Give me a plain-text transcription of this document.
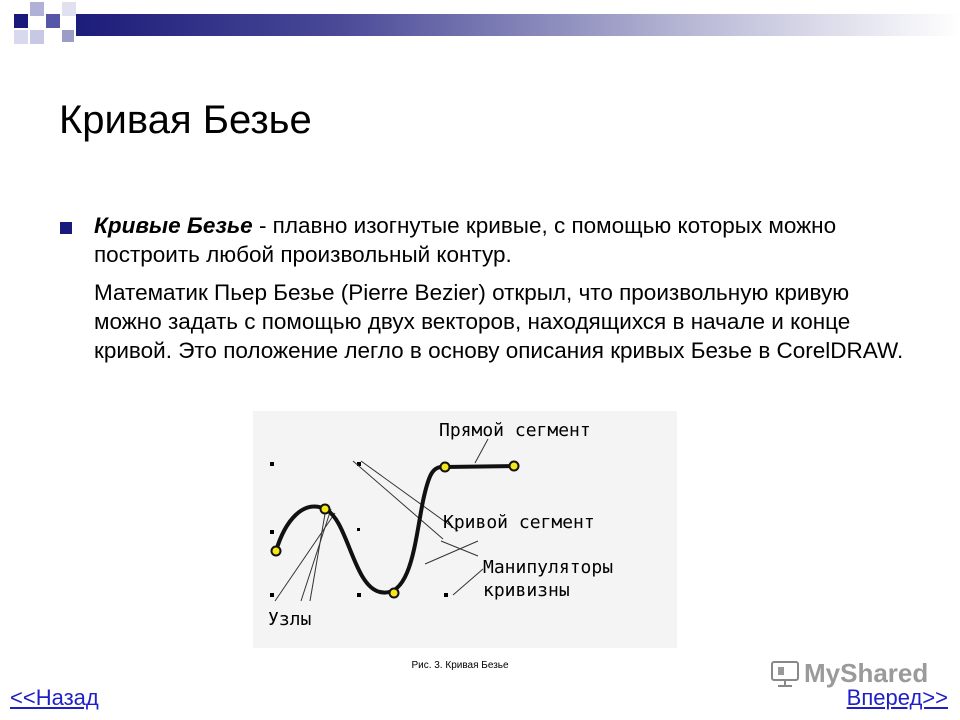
Кривая Безье
Кривые Безье - плавно изогнутые кривые, с помощью которых можно построить любой произвольный контур.
Математик Пьер Безье (Pierre Bezier) открыл, что произвольную кривую можно задать с помощью двух векторов, находящихся в начале и конце кривой. Это положение легло в основу описания кривых Безье в CorelDRAW.
Прямой сегмент
Кривой сегмент
Манипуляторы
кривизны
Узлы
Рис. 3. Кривая Безье	MyShared
<<Назад	Вперед>>
